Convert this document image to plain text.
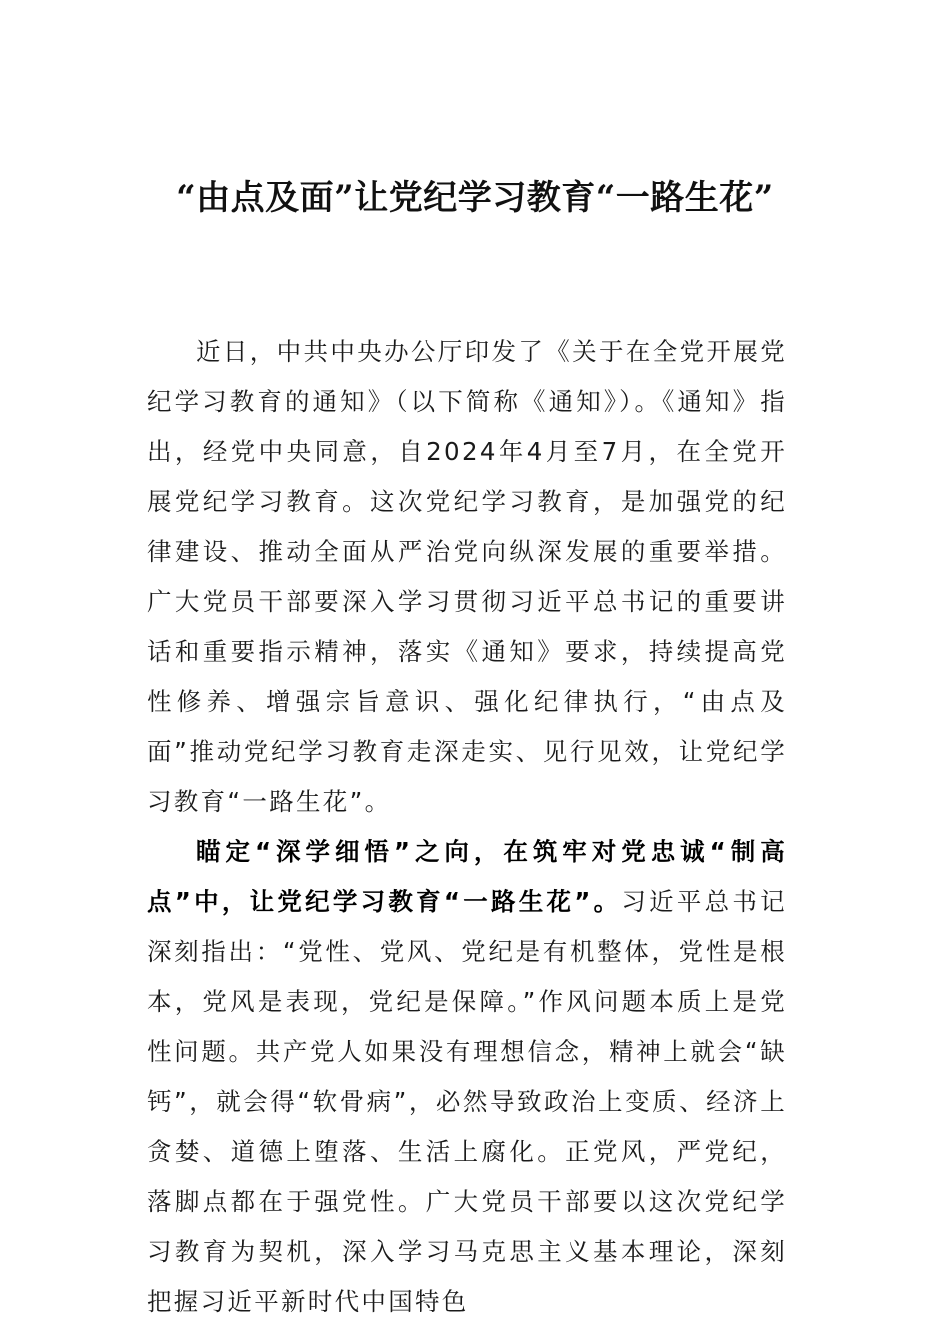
“由点及面”让党纪学习教育“一路生花”

近日，中共中央办公厅印发了《关于在全党开展党纪学习教育的通知》（以下简称《通知》）。《通知》指出，经党中央同意，自2024年4月至7月，在全党开展党纪学习教育。这次党纪学习教育，是加强党的纪律建设、推动全面从严治党向纵深发展的重要举措。广大党员干部要深入学习贯彻习近平总书记的重要讲话和重要指示精神，落实《通知》要求，持续提高党性修养、增强宗旨意识、强化纪律执行，“由点及面”推动党纪学习教育走深走实、见行见效，让党纪学习教育“一路生花”。

瞄定“深学细悟”之向，在筑牢对党忠诚“制高点”中，让党纪学习教育“一路生花”。习近平总书记深刻指出：“党性、党风、党纪是有机整体，党性是根本，党风是表现，党纪是保障。”作风问题本质上是党性问题。共产党人如果没有理想信念，精神上就会“缺钙”，就会得“软骨病”，必然导致政治上变质、经济上贪婪、道德上堕落、生活上腐化。正党风，严党纪，落脚点都在于强党性。广大党员干部要以这次党纪学习教育为契机，深入学习马克思主义基本理论，深刻把握习近平新时代中国特色
